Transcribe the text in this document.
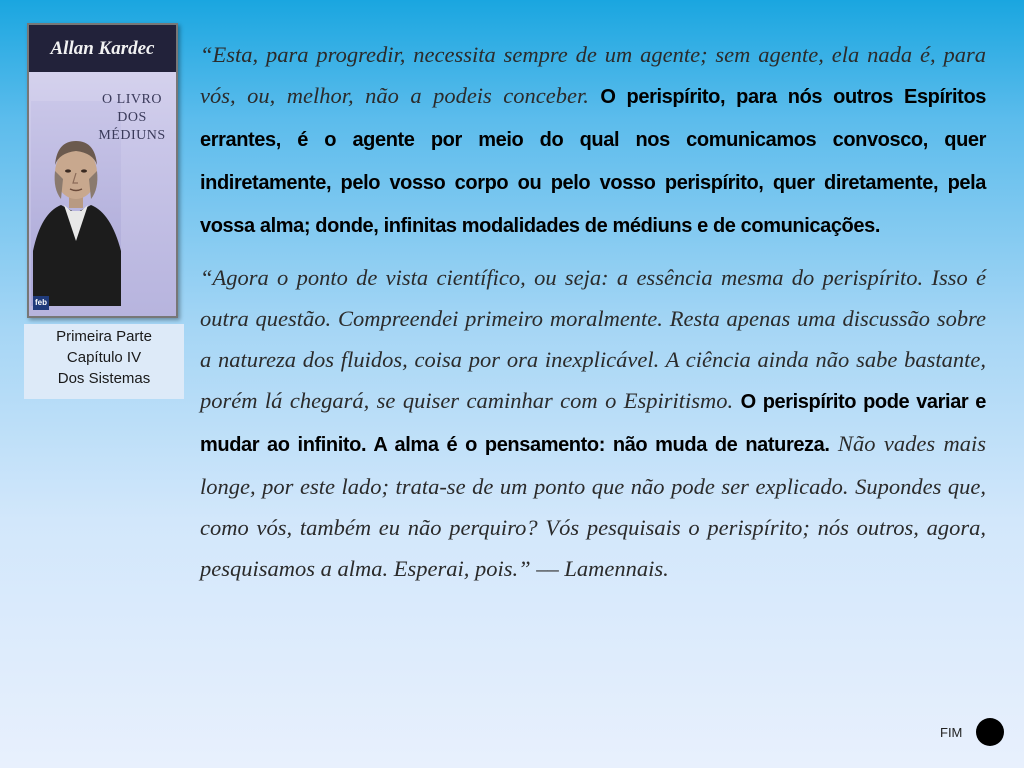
Allan Kardec
O LIVRO
DOS
MÉDIUNS
feb
Primeira Parte
Capítulo IV
Dos Sistemas

“Esta, para progredir, necessita sempre de um agente; sem agente, ela nada é, para vós, ou, melhor, não a podeis conceber. O perispírito, para nós outros Espíritos errantes, é o agente por meio do qual nos comunicamos convosco, quer indiretamente, pelo vosso corpo ou pelo vosso perispírito, quer diretamente, pela vossa alma; donde, infinitas modalidades de médiuns e de comunicações.

“Agora o ponto de vista científico, ou seja: a essência mesma do perispírito. Isso é outra questão. Compreendei primeiro moralmente. Resta apenas uma discussão sobre a natureza dos fluidos, coisa por ora inexplicável. A ciência ainda não sabe bastante, porém lá chegará, se quiser caminhar com o Espiritismo. O perispírito pode variar e mudar ao infinito. A alma é o pensamento: não muda de natureza. Não vades mais longe, por este lado; trata-se de um ponto que não pode ser explicado. Supondes que, como vós, também eu não perquiro? Vós pesquisais o perispírito; nós outros, agora, pesquisamos a alma. Esperai, pois.” –– Lamennais.

FIM
